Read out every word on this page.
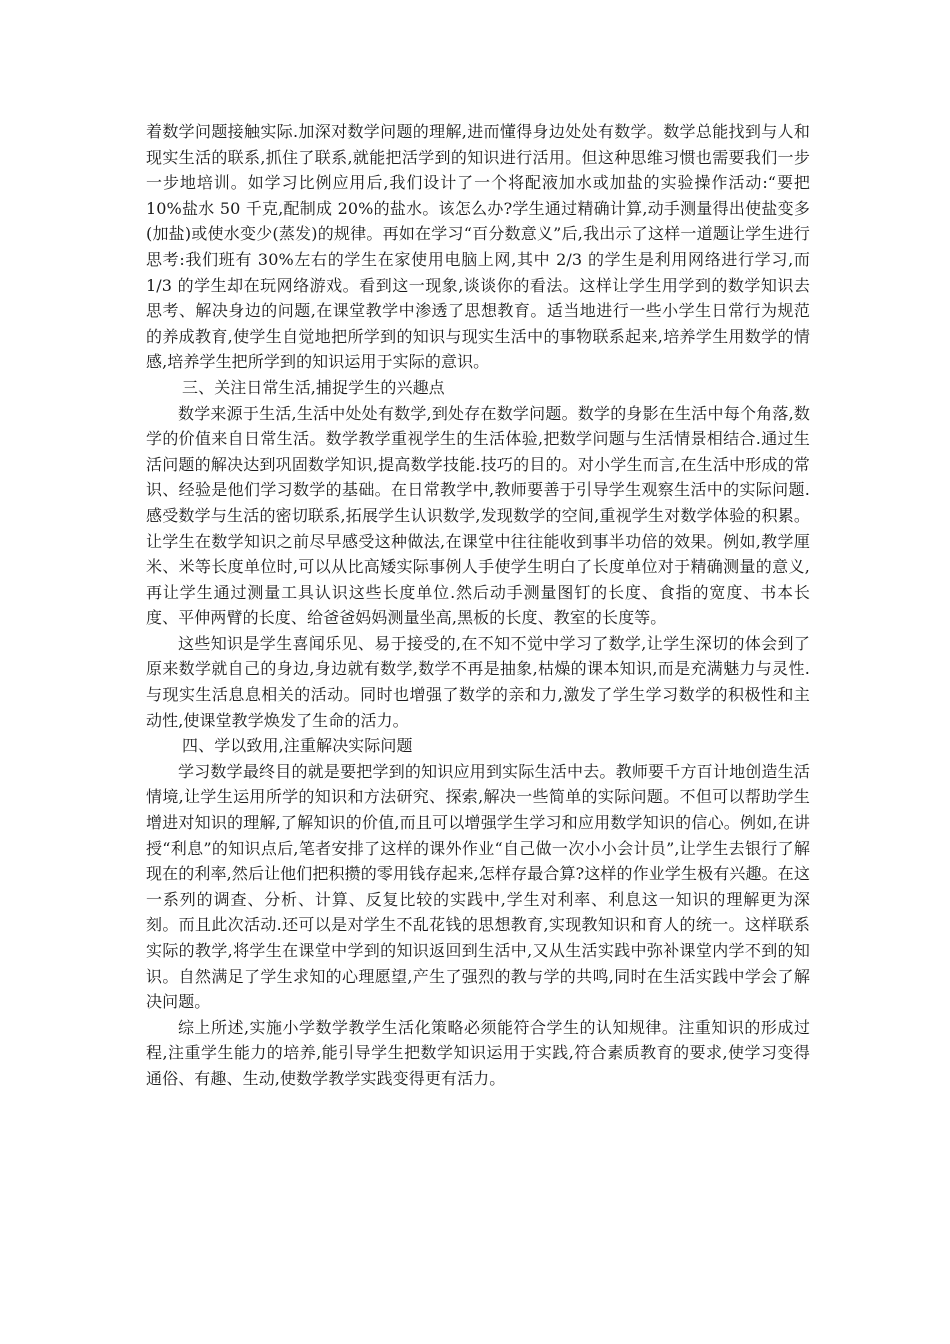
着数学问题接触实际.加深对数学问题的理解,进而懂得身边处处有数学。数学总能找到与人和现实生活的联系,抓住了联系,就能把活学到的知识进行活用。但这种思维习惯也需要我们一步一步地培训。如学习比例应用后,我们设计了一个将配液加水或加盐的实验操作活动:“要把 10%盐水 50 千克,配制成 20%的盐水。该怎么办?学生通过精确计算,动手测量得出使盐变多(加盐)或使水变少(蒸发)的规律。再如在学习“百分数意义”后,我出示了这样一道题让学生进行思考:我们班有 30%左右的学生在家使用电脑上网,其中 2/3 的学生是利用网络进行学习,而 1/3 的学生却在玩网络游戏。看到这一现象,谈谈你的看法。这样让学生用学到的数学知识去思考、解决身边的问题,在课堂教学中渗透了思想教育。适当地进行一些小学生日常行为规范的养成教育,使学生自觉地把所学到的知识与现实生活中的事物联系起来,培养学生用数学的情感,培养学生把所学到的知识运用于实际的意识。

三、关注日常生活,捕捉学生的兴趣点

数学来源于生活,生活中处处有数学,到处存在数学问题。数学的身影在生活中每个角落,数学的价值来自日常生活。数学教学重视学生的生活体验,把数学问题与生活情景相结合.通过生活问题的解决达到巩固数学知识,提高数学技能.技巧的目的。对小学生而言,在生活中形成的常识、经验是他们学习数学的基础。在日常教学中,教师要善于引导学生观察生活中的实际问题.感受数学与生活的密切联系,拓展学生认识数学,发现数学的空间,重视学生对数学体验的积累。让学生在数学知识之前尽早感受这种做法,在课堂中往往能收到事半功倍的效果。例如,教学厘米、米等长度单位时,可以从比高矮实际事例人手使学生明白了长度单位对于精确测量的意义,再让学生通过测量工具认识这些长度单位.然后动手测量图钉的长度、食指的宽度、书本长度、平伸两臂的长度、给爸爸妈妈测量坐高,黑板的长度、教室的长度等。

这些知识是学生喜闻乐见、易于接受的,在不知不觉中学习了数学,让学生深切的体会到了原来数学就自己的身边,身边就有数学,数学不再是抽象,枯燥的课本知识,而是充满魅力与灵性.与现实生活息息相关的活动。同时也增强了数学的亲和力,激发了学生学习数学的积极性和主动性,使课堂教学焕发了生命的活力。

四、学以致用,注重解决实际问题

学习数学最终目的就是要把学到的知识应用到实际生活中去。教师要千方百计地创造生活情境,让学生运用所学的知识和方法研究、探索,解决一些简单的实际问题。不但可以帮助学生增进对知识的理解,了解知识的价值,而且可以增强学生学习和应用数学知识的信心。例如,在讲授“利息”的知识点后,笔者安排了这样的课外作业“自己做一次小小会计员”,让学生去银行了解现在的利率,然后让他们把积攒的零用钱存起来,怎样存最合算?这样的作业学生极有兴趣。在这一系列的调查、分析、计算、反复比较的实践中,学生对利率、利息这一知识的理解更为深刻。而且此次活动.还可以是对学生不乱花钱的思想教育,实现教知识和育人的统一。这样联系实际的教学,将学生在课堂中学到的知识返回到生活中,又从生活实践中弥补课堂内学不到的知识。自然满足了学生求知的心理愿望,产生了强烈的教与学的共鸣,同时在生活实践中学会了解决问题。

综上所述,实施小学数学教学生活化策略必须能符合学生的认知规律。注重知识的形成过程,注重学生能力的培养,能引导学生把数学知识运用于实践,符合素质教育的要求,使学习变得通俗、有趣、生动,使数学教学实践变得更有活力。
